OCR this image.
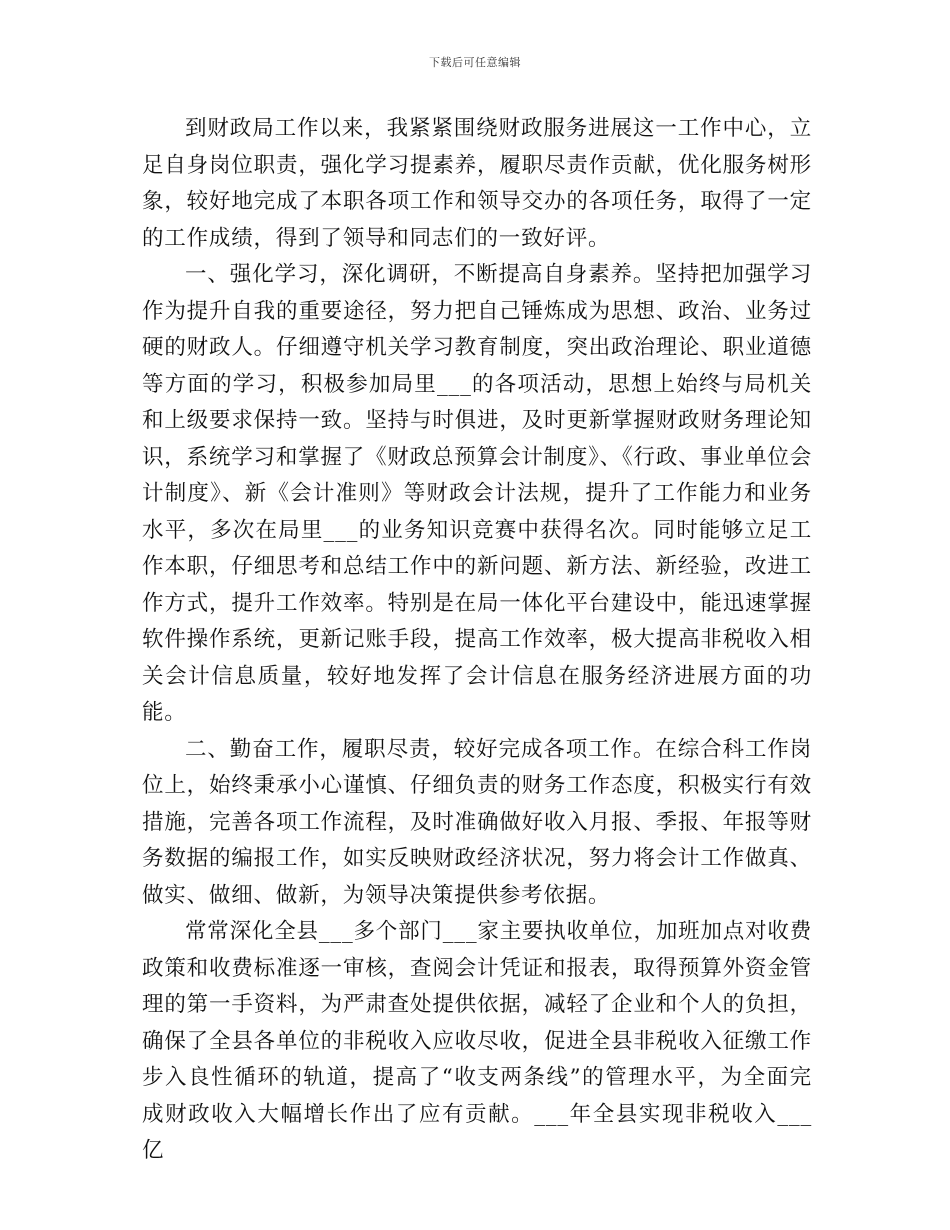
下载后可任意编辑

到财政局工作以来，我紧紧围绕财政服务进展这一工作中心，立足自身岗位职责，强化学习提素养，履职尽责作贡献，优化服务树形象，较好地完成了本职各项工作和领导交办的各项任务，取得了一定的工作成绩，得到了领导和同志们的一致好评。

一、强化学习，深化调研，不断提高自身素养。坚持把加强学习作为提升自我的重要途径，努力把自己锤炼成为思想、政治、业务过硬的财政人。仔细遵守机关学习教育制度，突出政治理论、职业道德等方面的学习，积极参加局里___的各项活动，思想上始终与局机关和上级要求保持一致。坚持与时俱进，及时更新掌握财政财务理论知识，系统学习和掌握了《财政总预算会计制度》、《行政、事业单位会计制度》、新《会计准则》等财政会计法规，提升了工作能力和业务水平，多次在局里___的业务知识竞赛中获得名次。同时能够立足工作本职，仔细思考和总结工作中的新问题、新方法、新经验，改进工作方式，提升工作效率。特别是在局一体化平台建设中，能迅速掌握软件操作系统，更新记账手段，提高工作效率，极大提高非税收入相关会计信息质量，较好地发挥了会计信息在服务经济进展方面的功能。

二、勤奋工作，履职尽责，较好完成各项工作。在综合科工作岗位上，始终秉承小心谨慎、仔细负责的财务工作态度，积极实行有效措施，完善各项工作流程，及时准确做好收入月报、季报、年报等财务数据的编报工作，如实反映财政经济状况，努力将会计工作做真、做实、做细、做新，为领导决策提供参考依据。

常常深化全县___多个部门___家主要执收单位，加班加点对收费政策和收费标准逐一审核，查阅会计凭证和报表，取得预算外资金管理的第一手资料，为严肃查处提供依据，减轻了企业和个人的负担，确保了全县各单位的非税收入应收尽收，促进全县非税收入征缴工作步入良性循环的轨道，提高了“收支两条线”的管理水平，为全面完成财政收入大幅增长作出了应有贡献。___年全县实现非税收入___亿
